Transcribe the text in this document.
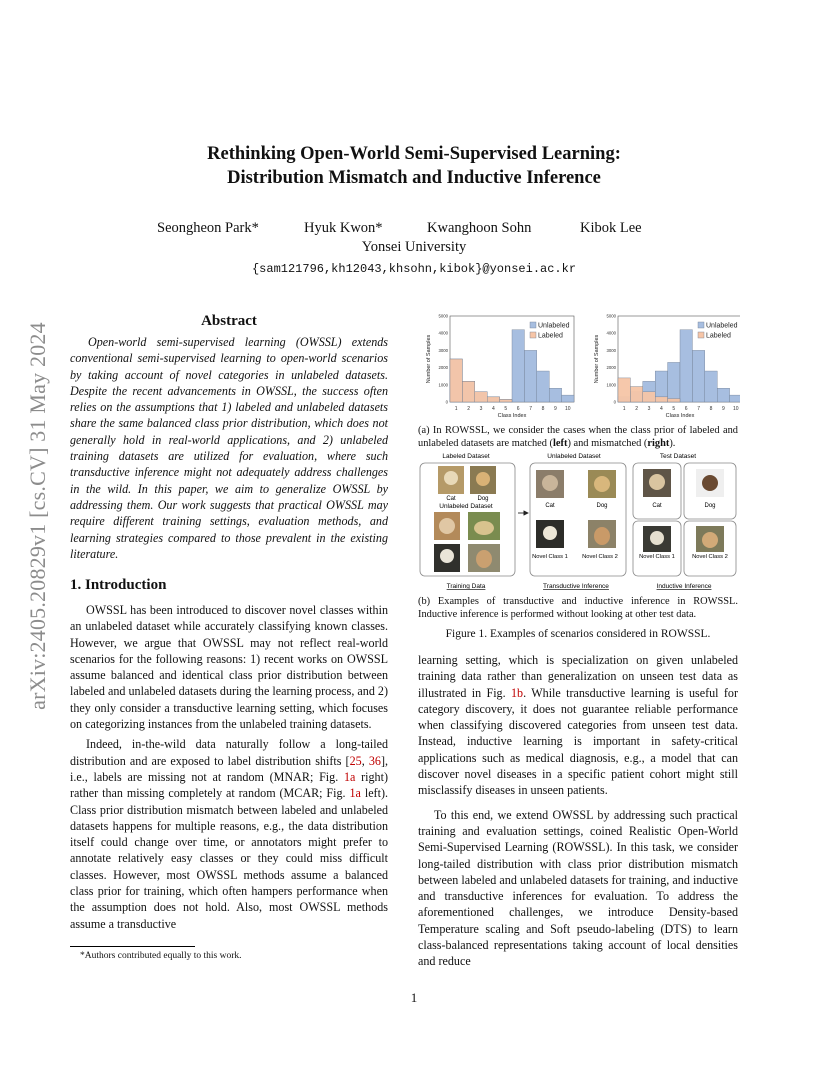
arXiv:2405.20829v1 [cs.CV] 31 May 2024
Rethinking Open-World Semi-Supervised Learning:
Distribution Mismatch and Inductive Inference
Seongheon Park*	Hyuk Kwon*	Kwanghoon Sohn	Kibok Lee
Yonsei University
{sam121796,kh12043,khsohn,kibok}@yonsei.ac.kr
Abstract

Open-world semi-supervised learning (OWSSL) extends conventional semi-supervised learning to open-world scenarios by taking account of novel categories in unlabeled datasets. Despite the recent advancements in OWSSL, the success often relies on the assumptions that 1) labeled and unlabeled datasets share the same balanced class prior distribution, which does not generally hold in real-world applications, and 2) unlabeled training datasets are utilized for evaluation, where such transductive inference might not adequately address challenges in the wild. In this paper, we aim to generalize OWSSL by addressing them. Our work suggests that practical OWSSL may require different training settings, evaluation methods, and learning strategies compared to those prevalent in the existing literature.

1. Introduction

OWSSL has been introduced to discover novel classes within an unlabeled dataset while accurately classifying known classes. However, we argue that OWSSL may not reflect real-world scenarios for the following reasons: 1) recent works on OWSSL assume balanced and identical class prior distribution between labeled and unlabeled datasets during the learning process, and 2) they only consider a transductive learning setting, which focuses on categorizing instances from the unlabeled training datasets.

Indeed, in-the-wild data naturally follow a long-tailed distribution and are exposed to label distribution shifts [25, 36], i.e., labels are missing not at random (MNAR; Fig. 1a right) rather than missing completely at random (MCAR; Fig. 1a left). Class prior distribution mismatch between labeled and unlabeled datasets happens for multiple reasons, e.g., the data distribution itself could change over time, or annotators might prefer to annotate relatively easy classes or they could miss difficult classes. However, most OWSSL methods assume a balanced class prior for training, which often hampers performance when the assumption does not hold. Also, most OWSSL methods assume a transductive

*Authors contributed equally to this work.
1
0
1000
2000
3000
4000
5000
1 2 3 4 5 6 7 8 9 10
Class Index
Number of Samples
Unlabeled
Labeled
0
1000
2000
3000
4000
5000
1 2 3 4 5 6 7 8 9 10
Class Index
Number of Samples
Unlabeled
Labeled
(a) In ROWSSL, we consider the cases when the class prior of labeled and unlabeled datasets are matched (left) and mismatched (right).
Labeled Dataset	Unlabeled Dataset	Test Dataset
Cat	Dog
Unlabeled Dataset	Cat	Dog
Novel Class 1 Novel Class 2
Cat	Dog
Novel Class 1	Novel Class 2
Training Data	Transductive Inference	Inductive Inference
(b) Examples of transductive and inductive inference in ROWSSL. Inductive inference is performed without looking at other test data.
Figure 1. Examples of scenarios considered in ROWSSL.

learning setting, which is specialization on given unlabeled training data rather than generalization on unseen test data as illustrated in Fig. 1b. While transductive learning is useful for category discovery, it does not guarantee reliable performance when classifying discovered categories from unseen test data. Instead, inductive learning is important in safety-critical applications such as medical diagnosis, e.g., a model that can discover novel diseases in a specific patient cohort might still misclassify diseases in unseen patients.

To this end, we extend OWSSL by addressing such practical training and evaluation settings, coined Realistic Open-World Semi-Supervised Learning (ROWSSL). In this task, we consider long-tailed distribution with class prior distribution mismatch between labeled and unlabeled datasets for training, and inductive and transductive inferences for evaluation. To address the aforementioned challenges, we introduce Density-based Temperature scaling and Soft pseudo-labeling (DTS) to learn class-balanced representations taking account of local densities and reduce
